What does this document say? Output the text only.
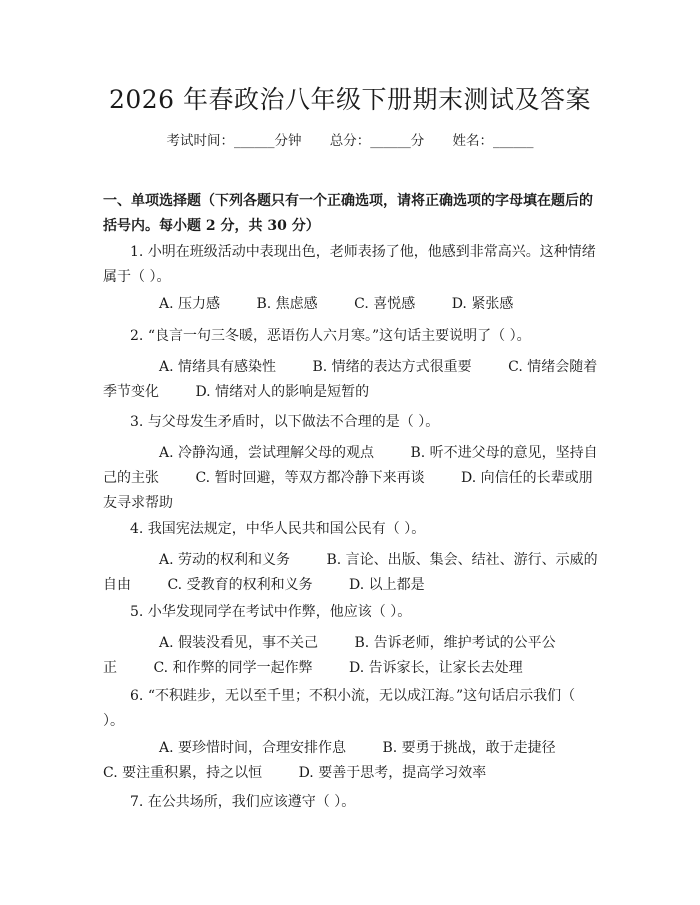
2026 年春政治八年级下册期末测试及答案
考试时间：______分钟 总分：______分 姓名：______

一、单项选择题（下列各题只有一个正确选项，请将正确选项的字母填在题后的括号内。每小题 2 分，共 30 分）

1. 小明在班级活动中表现出色，老师表扬了他，他感到非常高兴。这种情绪属于（ ）。

A. 压力感	B. 焦虑感	C. 喜悦感	D. 紧张感

2. “良言一句三冬暖，恶语伤人六月寒。”这句话主要说明了（ ）。

A. 情绪具有感染性	B. 情绪的表达方式很重要	C. 情绪会随着季节变化	D. 情绪对人的影响是短暂的

3. 与父母发生矛盾时，以下做法不合理的是（ ）。

A. 冷静沟通，尝试理解父母的观点	B. 听不进父母的意见，坚持自己的主张	C. 暂时回避，等双方都冷静下来再谈	D. 向信任的长辈或朋友寻求帮助

4. 我国宪法规定，中华人民共和国公民有（ ）。

A. 劳动的权利和义务	B. 言论、出版、集会、结社、游行、示威的自由	C. 受教育的权利和义务	D. 以上都是

5. 小华发现同学在考试中作弊，他应该（ ）。

A. 假装没看见，事不关己	B. 告诉老师，维护考试的公平公正	C. 和作弊的同学一起作弊	D. 告诉家长，让家长去处理

6. “不积跬步，无以至千里；不积小流，无以成江海。”这句话启示我们（ ）。

A. 要珍惜时间，合理安排作息	B. 要勇于挑战，敢于走捷径 C. 要注重积累，持之以恒	D. 要善于思考，提高学习效率

7. 在公共场所，我们应该遵守（ ）。
